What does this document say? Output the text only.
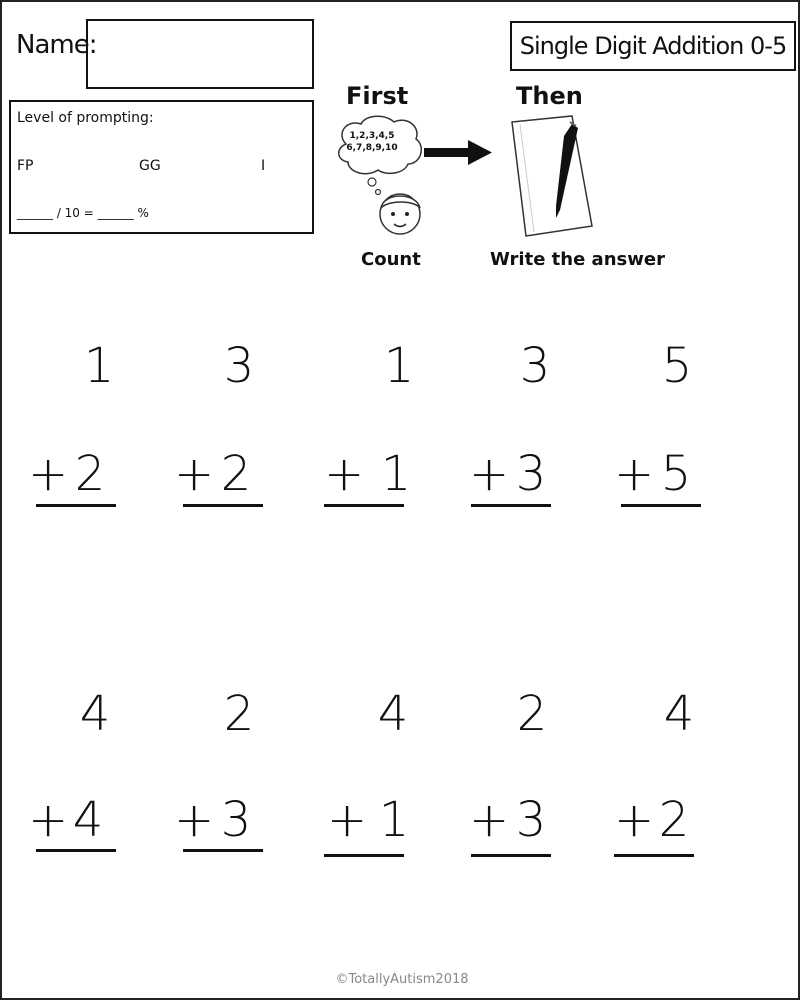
Name:	Single Digit Addition 0-5
Level of prompting:
FP	GG	I
______ / 10 = ______ %
First	Then
1,2,3,4,5
6,7,8,9,10
Count	Write the answer
1
+ 2
3
+ 2
1
+ 1
3
+ 3
5
+ 5
4
+ 4
2
+ 3
4
+ 1
2
+ 3
4
+ 2
©TotallyAutism2018
